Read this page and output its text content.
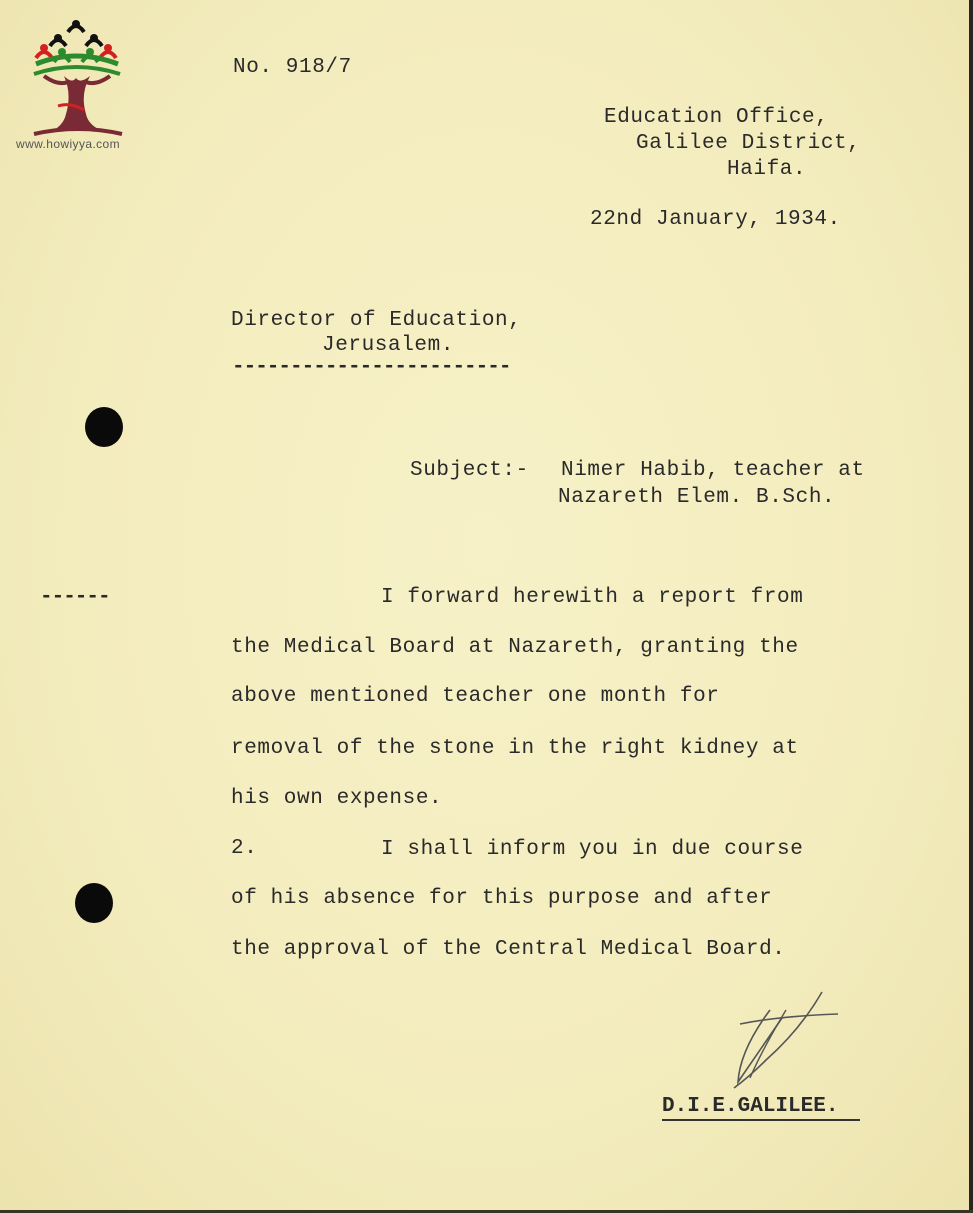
www.howiyya.com
No. 918/7
Education Office,
Galilee District,
Haifa.
22nd January, 1934.
Director of Education,
Jerusalem.
------------------------
Subject:- Nimer Habib, teacher at
Nazareth Elem. B.Sch.
------	I forward herewith a report from
the Medical Board at Nazareth, granting the
above mentioned teacher one month for
removal of the stone in the right kidney at
his own expense.
2.	I shall inform you in due course
of his absence for this purpose and after
the approval of the Central Medical Board.
D.I.E.GALILEE.
